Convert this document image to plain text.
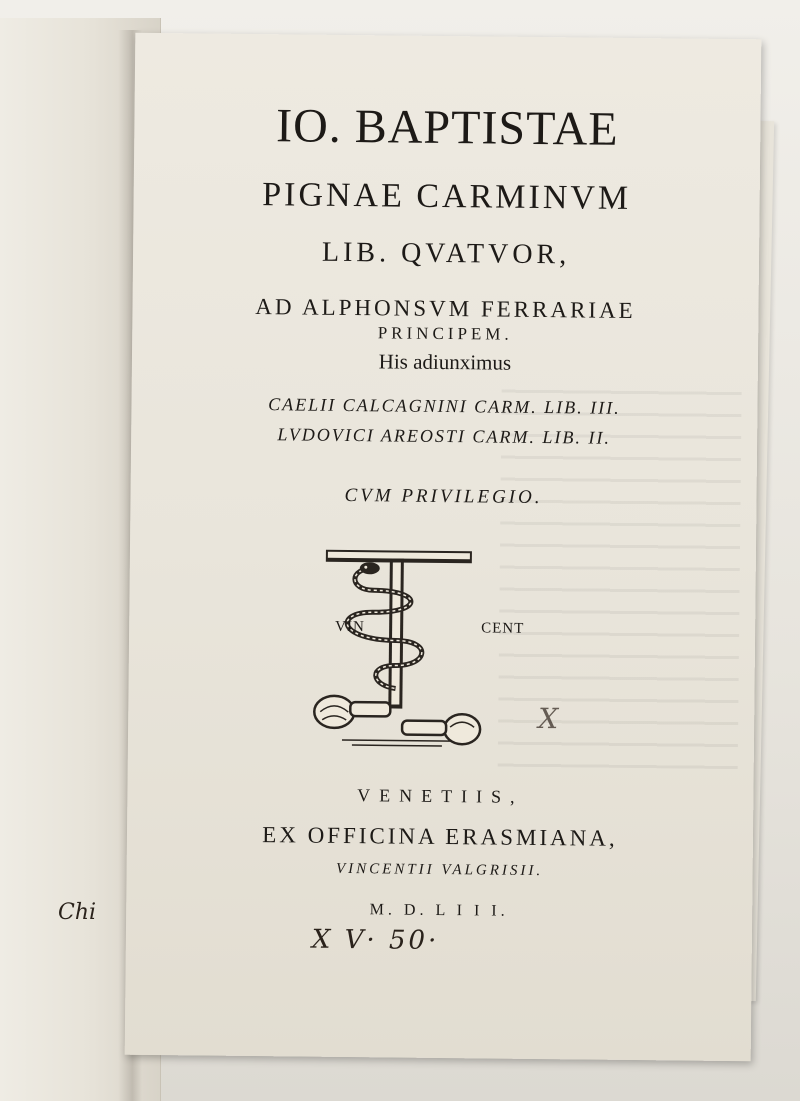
Chi
IO. BAPTISTAE
PIGNAE CARMINVM
LIB. QVATVOR,
AD ALPHONSVM FERRARIAE
PRINCIPEM.
His adiunximus
CAELII CALCAGNINI CARM. LIB. III.
LVDOVICI AREOSTI CARM. LIB. II.
CVM PRIVILEGIO.
VIN	CENT
X
VENETIIS,
EX OFFICINA ERASMIANA,
VINCENTII VALGRISII.
M. D. L I I I.
X V· 50·
